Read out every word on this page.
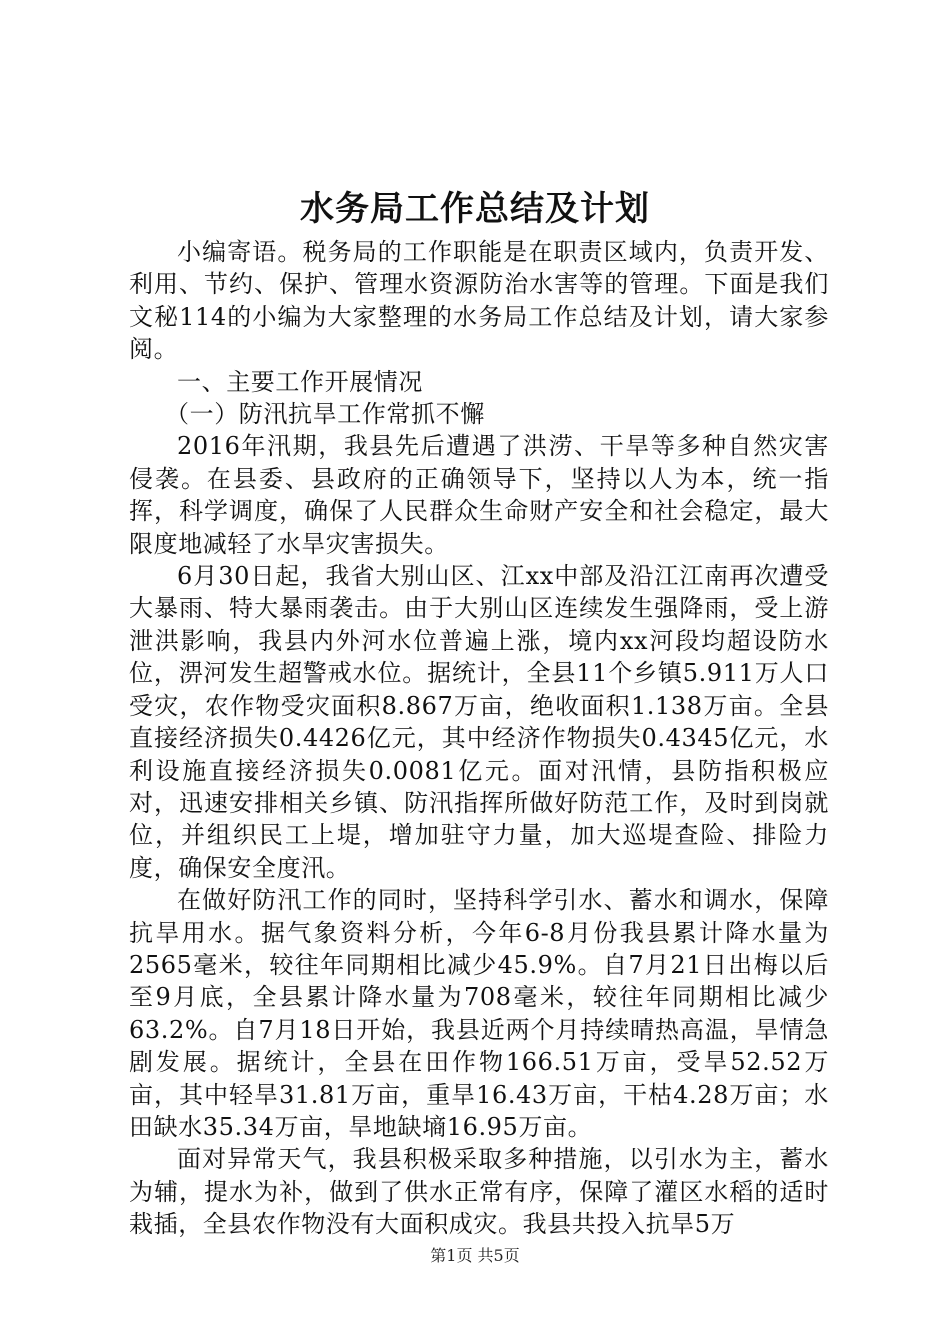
水务局工作总结及计划

小编寄语。税务局的工作职能是在职责区域内，负责开发、利用、节约、保护、管理水资源防治水害等的管理。下面是我们文秘114的小编为大家整理的水务局工作总结及计划，请大家参阅。

一、主要工作开展情况

（一）防汛抗旱工作常抓不懈

2016年汛期，我县先后遭遇了洪涝、干旱等多种自然灾害侵袭。在县委、县政府的正确领导下，坚持以人为本，统一指挥，科学调度，确保了人民群众生命财产安全和社会稳定，最大限度地减轻了水旱灾害损失。

6月30日起，我省大别山区、江xx中部及沿江江南再次遭受大暴雨、特大暴雨袭击。由于大别山区连续发生强降雨，受上游泄洪影响，我县内外河水位普遍上涨，境内xx河段均超设防水位，淠河发生超警戒水位。据统计，全县11个乡镇5.911万人口受灾，农作物受灾面积8.867万亩，绝收面积1.138万亩。全县直接经济损失0.4426亿元，其中经济作物损失0.4345亿元，水利设施直接经济损失0.0081亿元。面对汛情，县防指积极应对，迅速安排相关乡镇、防汛指挥所做好防范工作，及时到岗就位，并组织民工上堤，增加驻守力量，加大巡堤查险、排险力度，确保安全度汛。

在做好防汛工作的同时，坚持科学引水、蓄水和调水，保障抗旱用水。据气象资料分析，今年6-8月份我县累计降水量为2565毫米，较往年同期相比减少45.9%。自7月21日出梅以后至9月底，全县累计降水量为708毫米，较往年同期相比减少63.2%。自7月18日开始，我县近两个月持续晴热高温，旱情急剧发展。据统计，全县在田作物166.51万亩，受旱52.52万亩，其中轻旱31.81万亩，重旱16.43万亩，干枯4.28万亩；水田缺水35.34万亩，旱地缺墒16.95万亩。

面对异常天气，我县积极采取多种措施，以引水为主，蓄水为辅，提水为补，做到了供水正常有序，保障了灌区水稻的适时栽插，全县农作物没有大面积成灾。我县共投入抗旱5万

第1页 共5页
